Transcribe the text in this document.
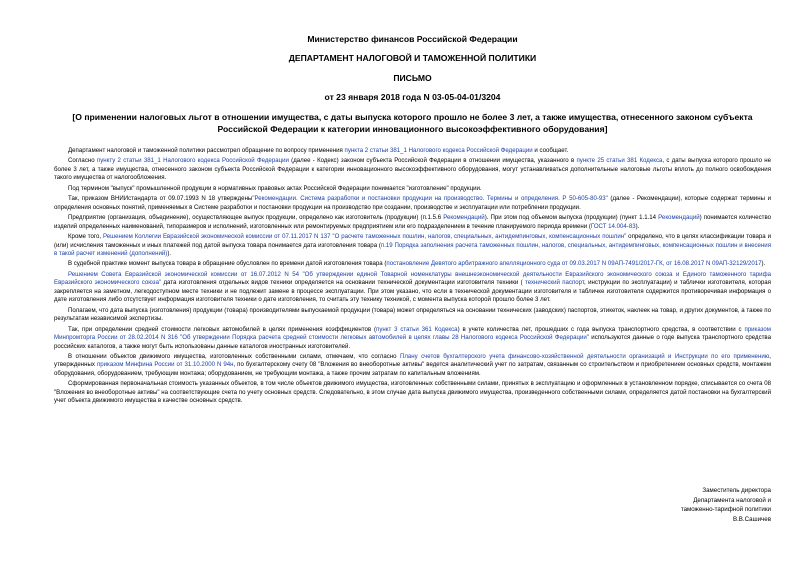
Министерство финансов Российской Федерации
ДЕПАРТАМЕНТ НАЛОГОВОЙ И ТАМОЖЕННОЙ ПОЛИТИКИ
ПИСЬМО
от 23 января 2018 года N 03-05-04-01/3204
[О применении налоговых льгот в отношении имущества, с даты выпуска которого прошло не более 3 лет, а также имущества, отнесенного законом субъекта Российской Федерации к категории инновационного высокоэффективного оборудования]

Департамент налоговой и таможенной политики рассмотрел обращение по вопросу применения пункта 2 статьи 381_1 Налогового кодекса Российской Федерации и сообщает.

Согласно пункту 2 статьи 381_1 Налогового кодекса Российской Федерации (далее - Кодекс) законом субъекта Российской Федерации в отношении имущества, указанного в пункте 25 статьи 381 Кодекса, с даты выпуска которого прошло не более 3 лет, а также имущества, отнесенного законом субъекта Российской Федерации к категории инновационного высокоэффективного оборудования, могут устанавливаться дополнительные налоговые льготы вплоть до полного освобождения такого имущества от налогообложения.

Под термином "выпуск" промышленной продукции в нормативных правовых актах Российской Федерации понимается "изготовление" продукции.

Так, приказом ВНИИстандарта от 09.07.1993 N 18 утверждены"Рекомендации. Система разработки и постановки продукции на производство. Термины и определения. Р 50-605-80-93" (далее - Рекомендации), которые содержат термины и определения основных понятий, применяемых в Системе разработки и постановки продукции на производство при создании, производстве и эксплуатации или потреблении продукции.

Предприятие (организация, объединение), осуществляющее выпуск продукции, определено как изготовитель (продукции) (п.1.5.6 Рекомендаций). При этом под объемом выпуска (продукции) (пункт 1.1.14 Рекомендаций) понимается количество изделий определенных наименований, типоразмеров и исполнений, изготовленных или ремонтируемых предприятием или его подразделением в течение планируемого периода времени (ГОСТ 14.004-83).

Кроме того, Решением Коллегии Евразийской экономической комиссии от 07.11.2017 N 137 "О расчете таможенных пошлин, налогов, специальных, антидемпинговых, компенсационных пошлин" определено, что в целях классификации товара и (или) исчисления таможенных и иных платежей под датой выпуска товара понимается дата изготовления товара (п.19 Порядка заполнения расчета таможенных пошлин, налогов, специальных, антидемпинговых, компенсационных пошлин и внесения в такой расчет изменений (дополнений)).

В судебной практике момент выпуска товара в обращение обусловлен по времени датой изготовления товара (постановление Девятого арбитражного апелляционного суда от 09.03.2017 N 09АП-7491/2017-ГК, от 16.08.2017 N 09АП-32129/2017).

Решением Совета Евразийской экономической комиссии от 16.07.2012 N 54 "Об утверждении единой Товарной номенклатуры внешнеэкономической деятельности Евразийского экономического союза и Единого таможенного тарифа Евразийского экономического союза" дата изготовления отдельных видов техники определяется на основании технической документации изготовителя техники ( технический паспорт, инструкции по эксплуатации) и таблички изготовителя, которая закрепляется на заметном, легкодоступном месте техники и не подлежит замене в процессе эксплуатации. При этом указано, что если в технической документации изготовителя и табличке изготовителя содержится противоречивая информация о дате изготовления либо отсутствует информация изготовителя техники о дате изготовления, то считать эту технику техникой, с момента выпуска которой прошло более 3 лет.

Полагаем, что дата выпуска (изготовления) продукции (товара) производителями выпускаемой продукции (товара) может определяться на основании технических (заводских) паспортов, этикеток, наклеек на товар, и других документов, а также по результатам независимой экспертизы.

Так, при определении средней стоимости легковых автомобилей в целях применения коэффициентов (пункт 3 статьи 361 Кодекса) в учете количества лет, прошедших с года выпуска транспортного средства, в соответствии с приказом Минпромторга России от 28.02.2014 N 316 "Об утверждении Порядка расчета средней стоимости легковых автомобилей в целях главы 28 Налогового кодекса Российской Федерации" используются данные о годе выпуска транспортного средства российских каталогов, а также могут быть использованы данные каталогов иностранных изготовителей.

В отношении объектов движимого имущества, изготовленных собственными силами, отмечаем, что согласно Плану счетов бухгалтерского учета финансово-хозяйственной деятельности организаций и Инструкции по его применению, утвержденных приказом Минфина России от 31.10.2000 N 94н, по бухгалтерскому счету 08 "Вложения во внеоборотные активы" ведется аналитический учет по затратам, связанным со строительством и приобретением основных средств, монтажем оборудования, оборудованием, требующим монтажа; оборудованием, не требующим монтажа, а также прочим затратам по капитальным вложениям.

Сформированная первоначальная стоимость указанных объектов, в том числе объектов движимого имущества, изготовленных собственными силами, принятых в эксплуатацию и оформленных в установленном порядке, списывается со счета 08 "Вложения во внеоборотные активы" на соответствующие счета по учету основных средств. Следовательно, в этом случае дата выпуска движимого имущества, произведенного собственными силами, определяется датой постановки на бухгалтерский учет объекта движимого имущества в качестве основных средств.

Заместитель директора
Департамента налоговой и
таможенно-тарифной политики
В.В.Сашичев
